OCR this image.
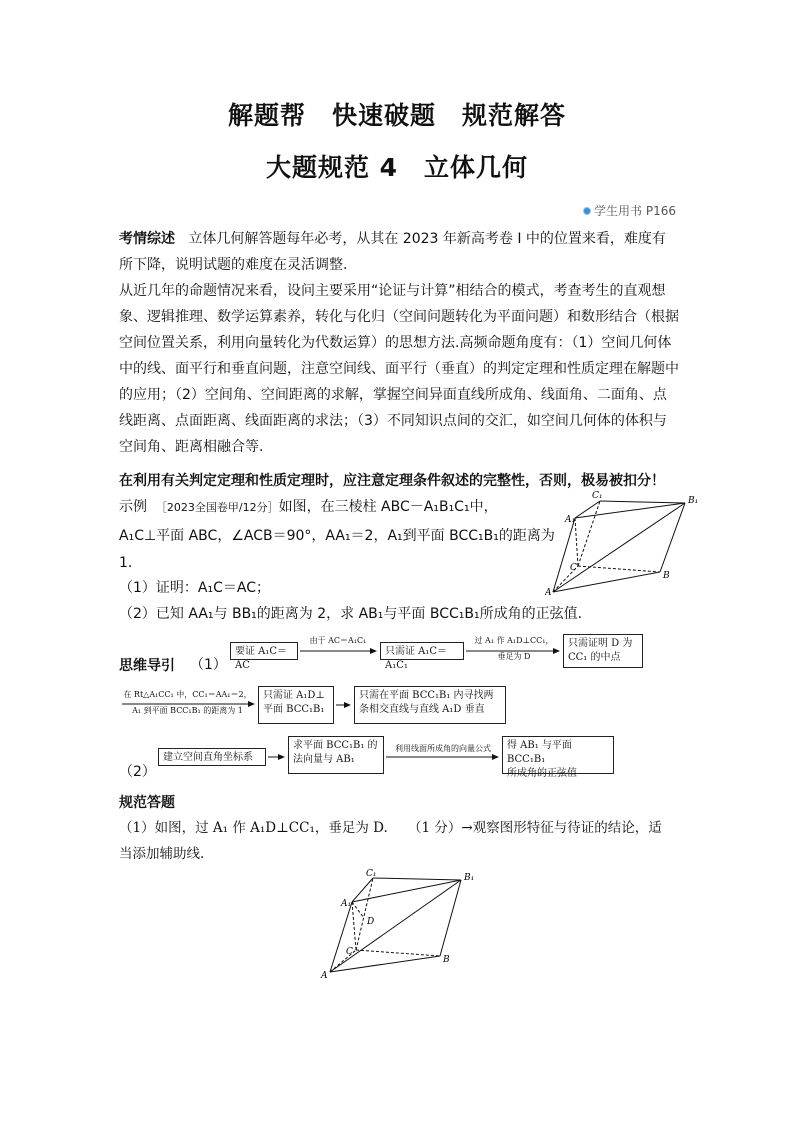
解题帮　快速破题　规范解答
大题规范 4　立体几何
学生用书 P166
考情综述 立体几何解答题每年必考，从其在 2023 年新高考卷 I 中的位置来看，难度有所下降，说明试题的难度在灵活调整.
从近几年的命题情况来看，设问主要采用“论证与计算”相结合的模式，考查考生的直观想象、逻辑推理、数学运算素养，转化与化归（空间问题转化为平面问题）和数形结合（根据空间位置关系，利用向量转化为代数运算）的思想方法.高频命题角度有：（1）空间几何体中的线、面平行和垂直问题，注意空间线、面平行（垂直）的判定定理和性质定理在解题中的应用；（2）空间角、空间距离的求解，掌握空间异面直线所成角、线面角、二面角、点线距离、点面距离、线面距离的求法；（3）不同知识点间的交汇，如空间几何体的体积与空间角、距离相融合等.
在利用有关判定定理和性质定理时，应注意定理条件叙述的完整性，否则，极易被扣分！
示例 ［2023全国卷甲/12分］如图，在三棱柱 ABC－A₁B₁C₁中，
A₁C⊥平面 ABC，∠ACB＝90°，AA₁＝2，A₁到平面 BCC₁B₁的距离为
1.
（1）证明：A₁C＝AC；
（2）已知 AA₁与 BB₁的距离为 2，求 AB₁与平面 BCC₁B₁所成角的正弦值.
C₁	B₁
A₁
C
A
B
思维导引 （1）
要证 A₁C＝AC
由于 AC＝A₁C₁
只需证 A₁C＝A₁C₁
过 A₁ 作 A₁D⊥CC₁，
垂足为 D
只需证明 D 为
CC₁ 的中点
在 Rt△A₁CC₁ 中，CC₁＝AA₁＝2，
A₁ 到平面 BCC₁B₁ 的距离为 1
只需证 A₁D⊥
平面 BCC₁B₁
只需在平面 BCC₁B₁ 内寻找两
条相交直线与直线 A₁D 垂直
（2）
建立空间直角坐标系
求平面 BCC₁B₁ 的
法向量与 AB₁
利用线面所成角的向量公式	得 AB₁ 与平面 BCC₁B₁
所成角的正弦值
规范答题
（1）如图，过 A₁ 作 A₁D⊥CC₁，垂足为 D.　　（1 分）→观察图形特征与待证的结论，适
当添加辅助线.
C₁	B₁
A₁
D
C
A
B
